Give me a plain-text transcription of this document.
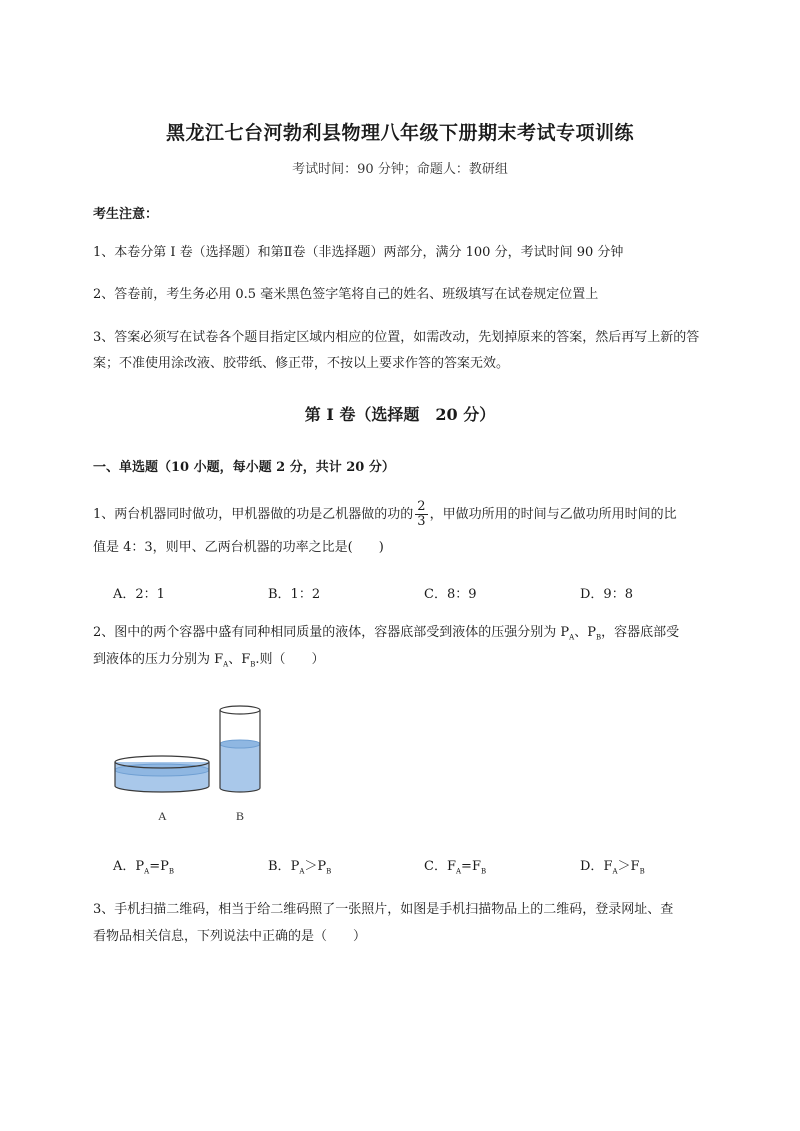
黑龙江七台河勃利县物理八年级下册期末考试专项训练
考试时间：90 分钟；命题人：教研组
考生注意：
1、本卷分第 I 卷（选择题）和第Ⅱ卷（非选择题）两部分，满分 100 分，考试时间 90 分钟
2、答卷前，考生务必用 0.5 毫米黑色签字笔将自己的姓名、班级填写在试卷规定位置上
3、答案必须写在试卷各个题目指定区域内相应的位置，如需改动，先划掉原来的答案，然后再写上新的答案；不准使用涂改液、胶带纸、修正带，不按以上要求作答的答案无效。
第 I 卷（选择题　20 分）
一、单选题（10 小题，每小题 2 分，共计 20 分）
1、两台机器同时做功，甲机器做的功是乙机器做的功的 $\frac{2}{3}$ ，甲做功所用的时间与乙做功所用时间的比
值是 4：3，则甲、乙两台机器的功率之比是(　　)
A．2：1	B．1：2	C．8：9	D．9：8
2、图中的两个容器中盛有同种相同质量的液体，容器底部受到液体的压强分别为 $P_A$、$P_B$，容器底部受
到液体的压力分别为 $F_A$、$F_B$.则（　　）
A	B
A．$P_A=P_B$	B．$P_A>P_B$	C．$F_A=F_B$	D．$F_A>F_B$
3、手机扫描二维码，相当于给二维码照了一张照片，如图是手机扫描物品上的二维码，登录网址、查
看物品相关信息，下列说法中正确的是（　　）
